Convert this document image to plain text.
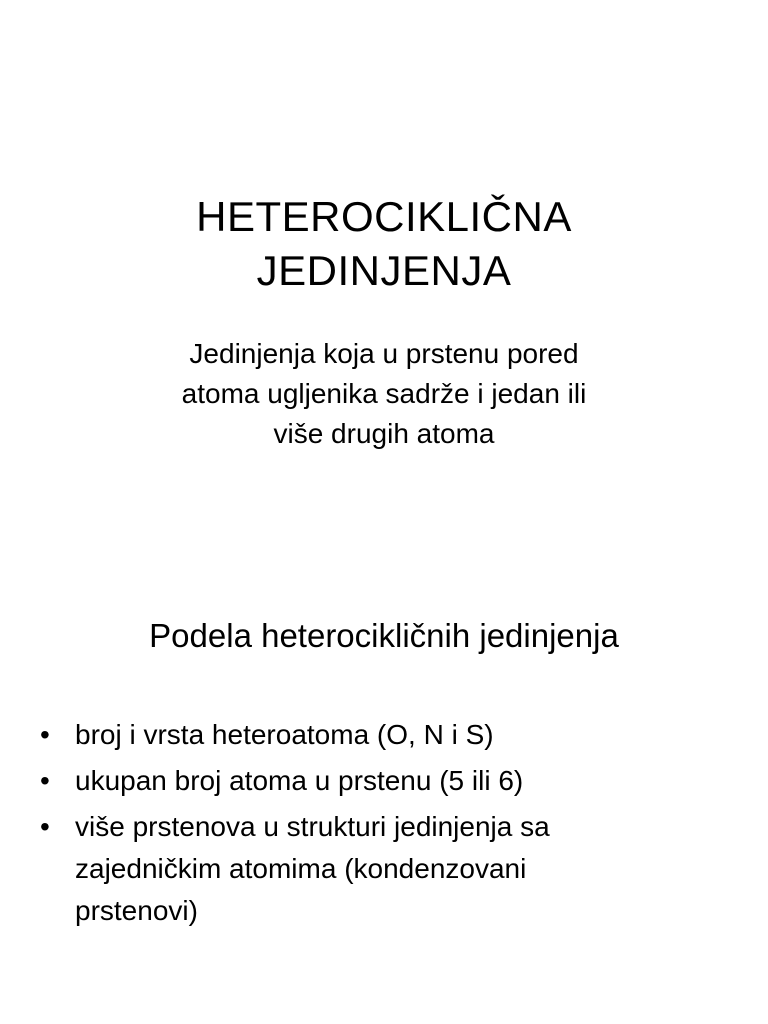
HETEROCIKLIČNA
JEDINJENJA

Jedinjenja koja u prstenu pored
atoma ugljenika sadrže i jedan ili
više drugih atoma

Podela heterocikličnih jedinjenja
• broj i vrsta heteroatoma (O, N i S)
• ukupan broj atoma u prstenu (5 ili 6)
• više prstenova u strukturi jedinjenja sa
zajedničkim atomima (kondenzovani
prstenovi)
